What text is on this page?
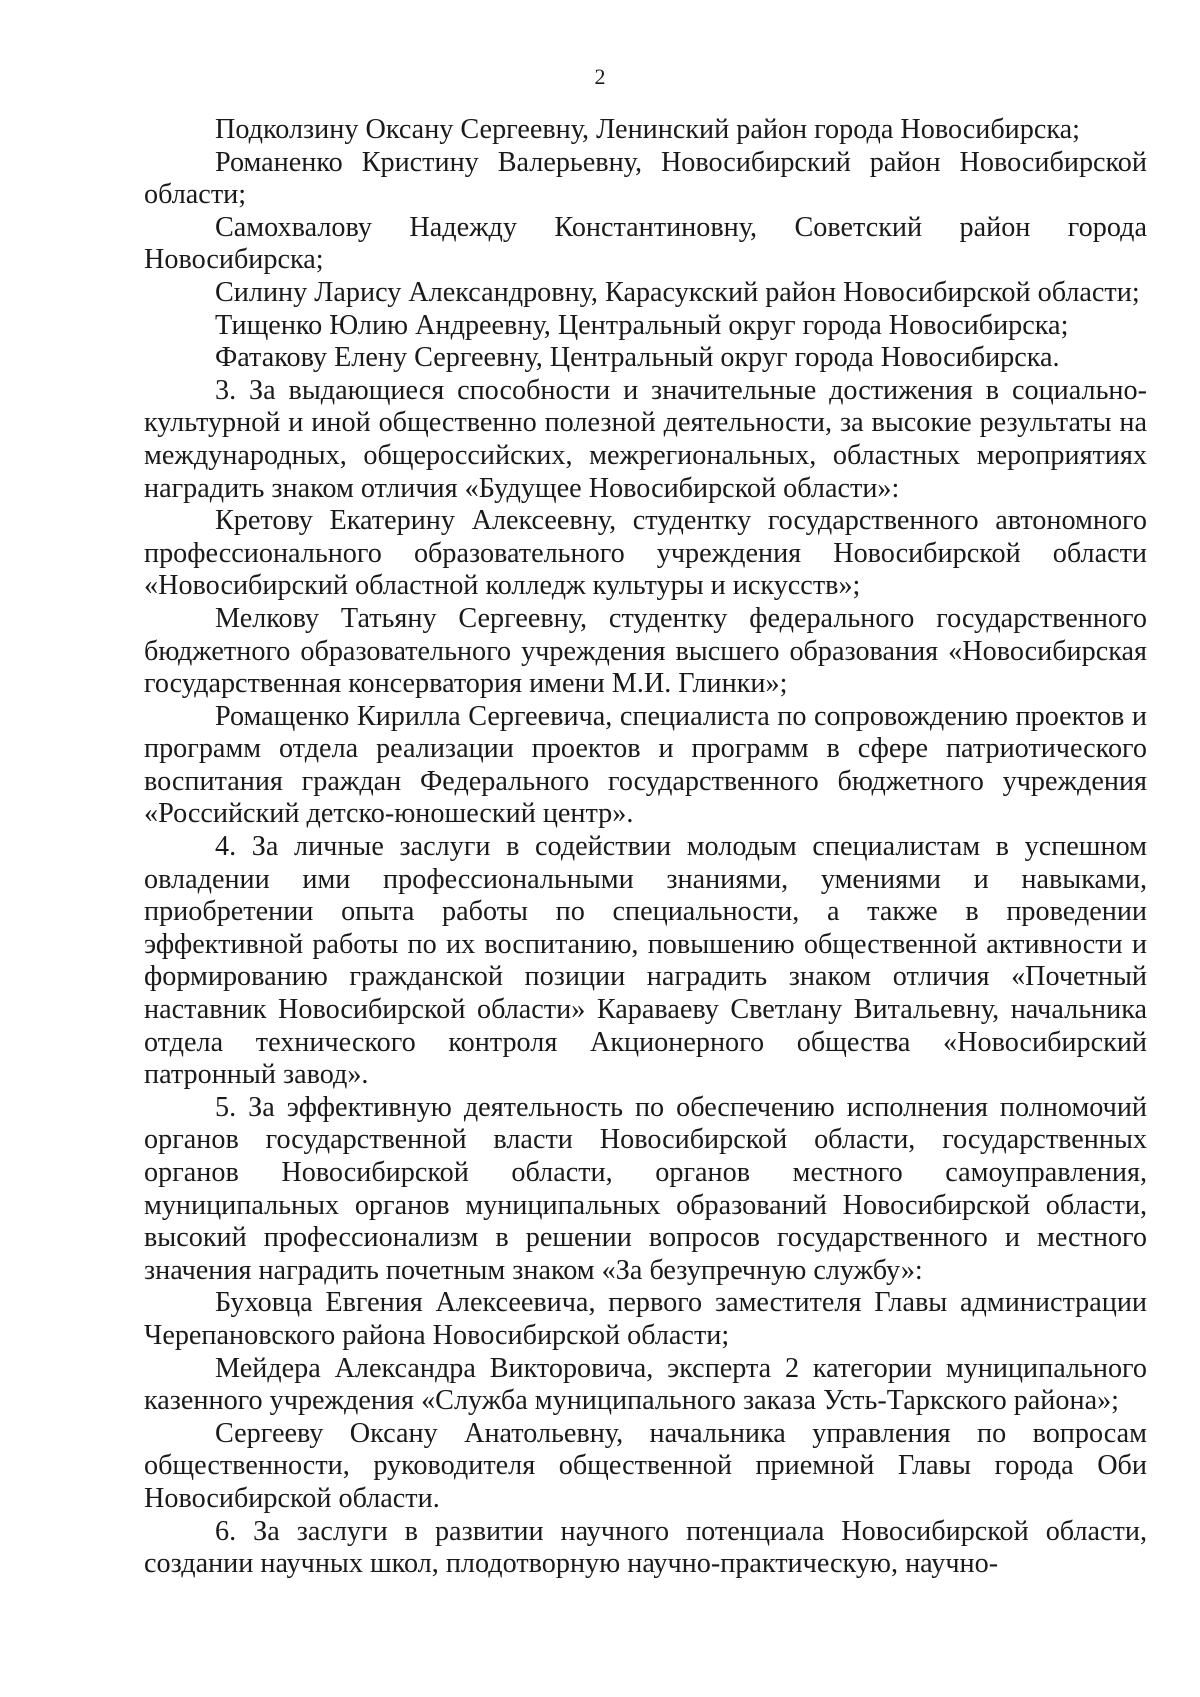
2

Подколзину Оксану Сергеевну, Ленинский район города Новосибирска;

Романенко Кристину Валерьевну, Новосибирский район Новосибирской области;

Самохвалову Надежду Константиновну, Советский район города Новосибирска;

Силину Ларису Александровну, Карасукский район Новосибирской области;

Тищенко Юлию Андреевну, Центральный округ города Новосибирска;

Фатакову Елену Сергеевну, Центральный округ города Новосибирска.

3. За выдающиеся способности и значительные достижения в социально-культурной и иной общественно полезной деятельности, за высокие результаты на международных, общероссийских, межрегиональных, областных мероприятиях наградить знаком отличия «Будущее Новосибирской области»:

Кретову Екатерину Алексеевну, студентку государственного автономного профессионального образовательного учреждения Новосибирской области «Новосибирский областной колледж культуры и искусств»;

Мелкову Татьяну Сергеевну, студентку федерального государственного бюджетного образовательного учреждения высшего образования «Новосибирская государственная консерватория имени М.И. Глинки»;

Ромащенко Кирилла Сергеевича, специалиста по сопровождению проектов и программ отдела реализации проектов и программ в сфере патриотического воспитания граждан Федерального государственного бюджетного учреждения «Российский детско-юношеский центр».

4. За личные заслуги в содействии молодым специалистам в успешном овладении ими профессиональными знаниями, умениями и навыками, приобретении опыта работы по специальности, а также в проведении эффективной работы по их воспитанию, повышению общественной активности и формированию гражданской позиции наградить знаком отличия «Почетный наставник Новосибирской области» Караваеву Светлану Витальевну, начальника отдела технического контроля Акционерного общества «Новосибирский патронный завод».

5. За эффективную деятельность по обеспечению исполнения полномочий органов государственной власти Новосибирской области, государственных органов Новосибирской области, органов местного самоуправления, муниципальных органов муниципальных образований Новосибирской области, высокий профессионализм в решении вопросов государственного и местного значения наградить почетным знаком «За безупречную службу»:

Буховца Евгения Алексеевича, первого заместителя Главы администрации Черепановского района Новосибирской области;

Мейдера Александра Викторовича, эксперта 2 категории муниципального казенного учреждения «Служба муниципального заказа Усть-Таркского района»;

Сергееву Оксану Анатольевну, начальника управления по вопросам общественности, руководителя общественной приемной Главы города Оби Новосибирской области.

6. За заслуги в развитии научного потенциала Новосибирской области, создании научных школ, плодотворную научно-практическую, научно-
